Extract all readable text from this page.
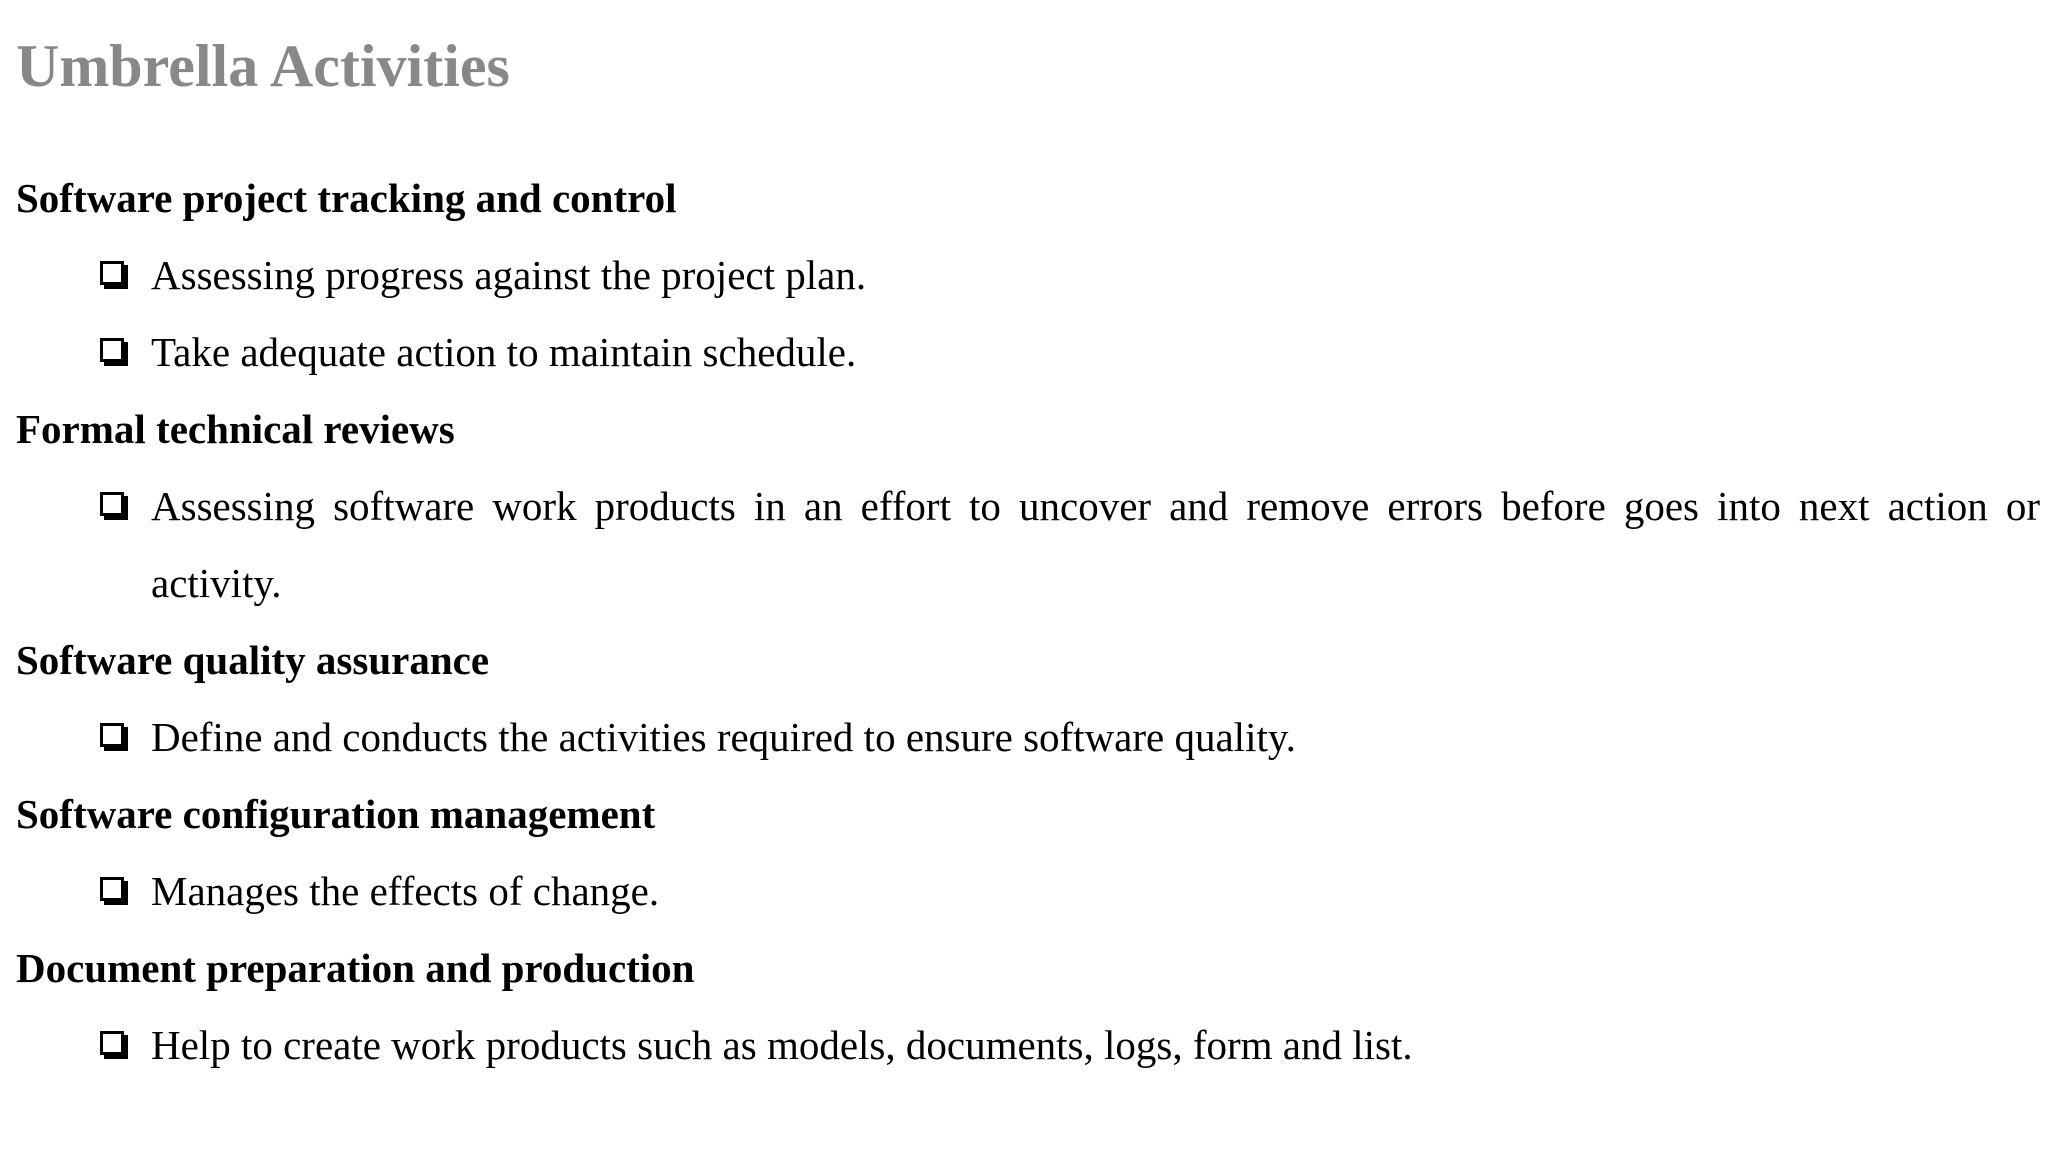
Umbrella Activities
Software project tracking and control
Assessing progress against the project plan.
Take adequate action to maintain schedule.
Formal technical reviews
Assessing software work products in an effort to uncover and remove errors before goes into next action or activity.
Software quality assurance
Define and conducts the activities required to ensure software quality.
Software configuration management
Manages the effects of change.
Document preparation and production
Help to create work products such as models, documents, logs, form and list.
